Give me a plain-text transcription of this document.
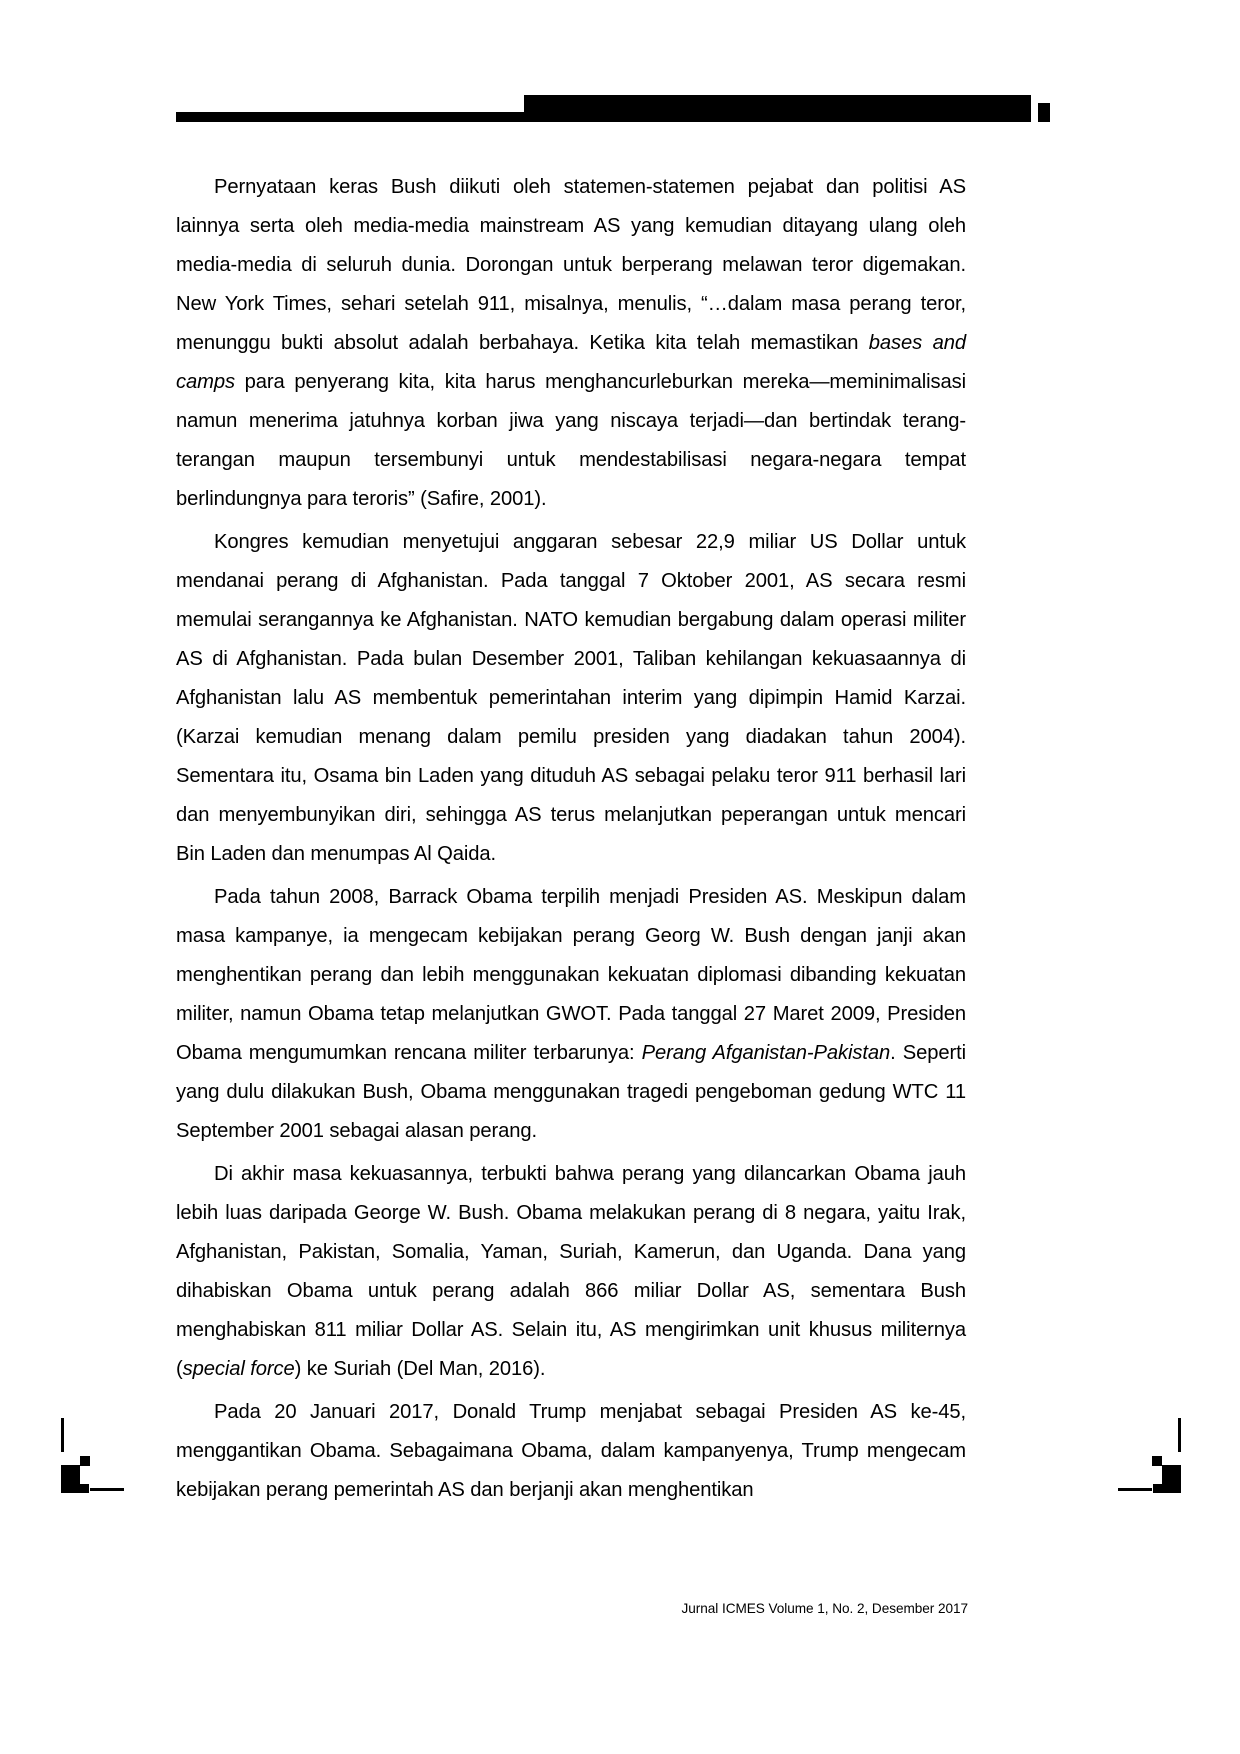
Pernyataan keras Bush diikuti oleh statemen-statemen pejabat dan politisi AS lainnya serta oleh media-media mainstream AS yang kemudian ditayang ulang oleh media-media di seluruh dunia. Dorongan untuk berperang melawan teror digemakan. New York Times, sehari setelah 911, misalnya, menulis, “…dalam masa perang teror, menunggu bukti absolut adalah berbahaya. Ketika kita telah memastikan bases and camps para penyerang kita, kita harus menghancurleburkan mereka—meminimalisasi namun menerima jatuhnya korban jiwa yang niscaya terjadi—dan bertindak terang-terangan maupun tersembunyi untuk mendestabilisasi negara-negara tempat berlindungnya para teroris” (Safire, 2001).

Kongres kemudian menyetujui anggaran sebesar 22,9 miliar US Dollar untuk mendanai perang di Afghanistan. Pada tanggal 7 Oktober 2001, AS secara resmi memulai serangannya ke Afghanistan. NATO kemudian bergabung dalam operasi militer AS di Afghanistan. Pada bulan Desember 2001, Taliban kehilangan kekuasaannya di Afghanistan lalu AS membentuk pemerintahan interim yang dipimpin Hamid Karzai. (Karzai kemudian menang dalam pemilu presiden yang diadakan tahun 2004). Sementara itu, Osama bin Laden yang dituduh AS sebagai pelaku teror 911 berhasil lari dan menyembunyikan diri, sehingga AS terus melanjutkan peperangan untuk mencari Bin Laden dan menumpas Al Qaida.

Pada tahun 2008, Barrack Obama terpilih menjadi Presiden AS. Meskipun dalam masa kampanye, ia mengecam kebijakan perang Georg W. Bush dengan janji akan menghentikan perang dan lebih menggunakan kekuatan diplomasi dibanding kekuatan militer, namun Obama tetap melanjutkan GWOT. Pada tanggal 27 Maret 2009, Presiden Obama mengumumkan rencana militer terbarunya: Perang Afganistan-Pakistan. Seperti yang dulu dilakukan Bush, Obama menggunakan tragedi pengeboman gedung WTC 11 September 2001 sebagai alasan perang.

Di akhir masa kekuasannya, terbukti bahwa perang yang dilancarkan Obama jauh lebih luas daripada George W. Bush. Obama melakukan perang di 8 negara, yaitu Irak, Afghanistan, Pakistan, Somalia, Yaman, Suriah, Kamerun, dan Uganda. Dana yang dihabiskan Obama untuk perang adalah 866 miliar Dollar AS, sementara Bush menghabiskan 811 miliar Dollar AS. Selain itu, AS mengirimkan unit khusus militernya (special force) ke Suriah (Del Man, 2016).

Pada 20 Januari 2017, Donald Trump menjabat sebagai Presiden AS ke-45, menggantikan Obama. Sebagaimana Obama, dalam kampanyenya, Trump mengecam kebijakan perang pemerintah AS dan berjanji akan menghentikan

Jurnal ICMES Volume 1, No. 2, Desember 2017
